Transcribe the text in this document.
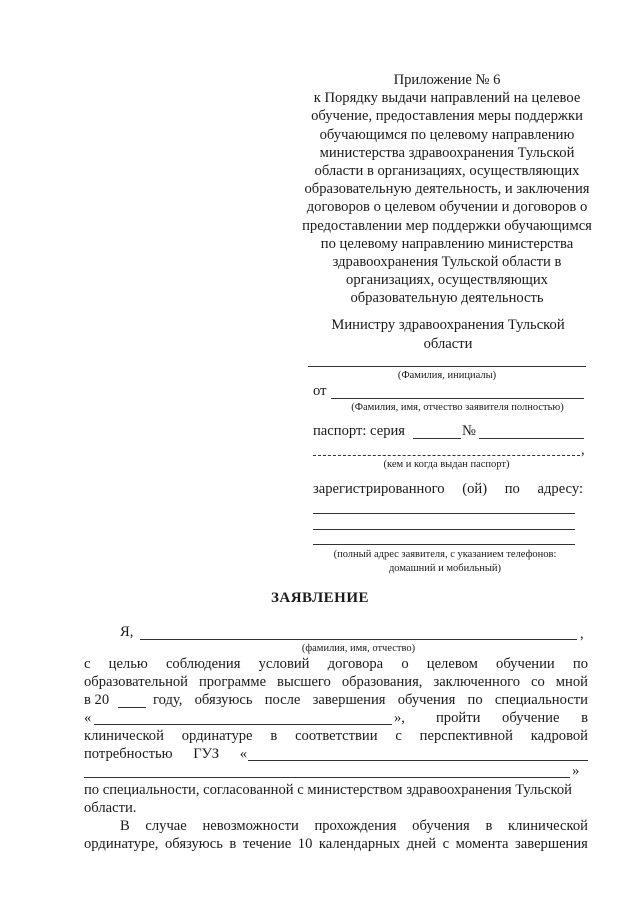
Приложение № 6
к Порядку выдачи направлений на целевое
обучение, предоставления меры поддержки
обучающимся по целевому направлению
министерства здравоохранения Тульской
области в организациях, осуществляющих
образовательную деятельность, и заключения
договоров о целевом обучении и договоров о
предоставлении мер поддержки обучающимся
по целевому направлению министерства
здравоохранения Тульской области в
организациях, осуществляющих
образовательную деятельность
Министру здравоохранения Тульской
области
(Фамилия, инициалы)
от
(Фамилия, имя, отчество заявителя полностью)
паспорт: серия	№
,
(кем и когда выдан паспорт)
зарегистрированного (ой) по адресу:
(полный адрес заявителя, с указанием телефонов:
домашний и мобильный)
ЗАЯВЛЕНИЕ
Я,	,
(фамилия, имя, отчество)
с целью соблюдения условий договора о целевом обучении по
образовательной программе высшего образования, заключенного со мной
в 20	году, обязуюсь после завершения обучения по специальности
«	», пройти обучение в
клинической ординатуре в соответствии с перспективной кадровой
потребностью ГУЗ «
»
по специальности, согласованной с министерством здравоохранения Тульской
области.
В случае невозможности прохождения обучения в клинической
ординатуре, обязуюсь в течение 10 календарных дней с момента завершения
